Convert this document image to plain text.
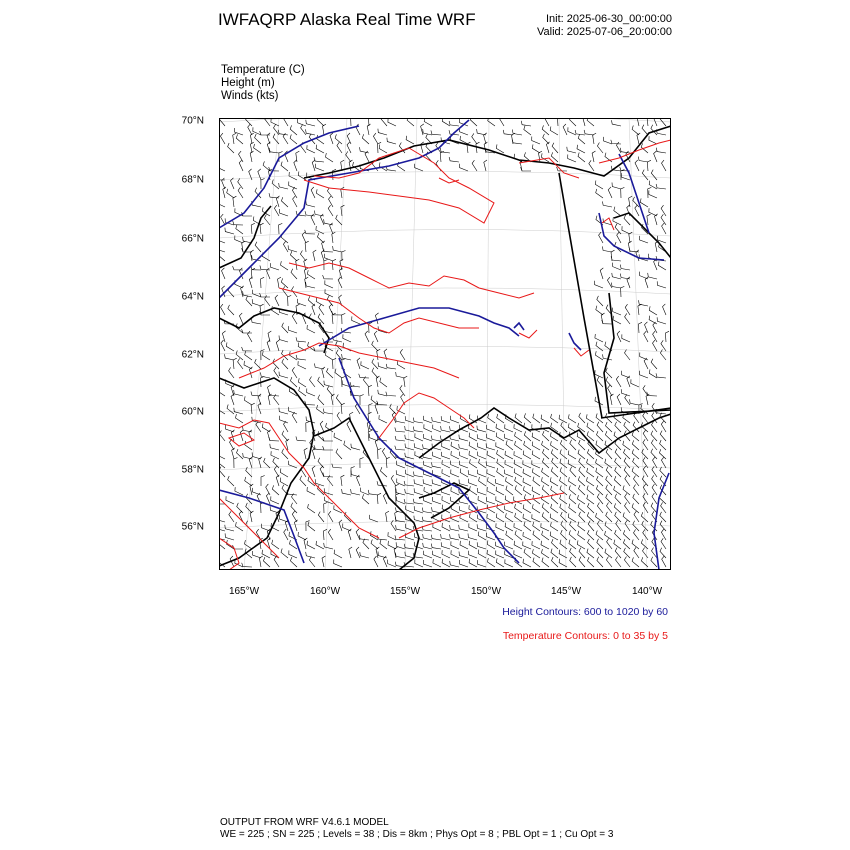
IWFAQRP Alaska Real Time WRF	Init: 2025-06-30_00:00:00
Valid: 2025-07-06_20:00:00
Temperature (C)
Height (m)
Winds (kts)
70°N
68°N
66°N
64°N
62°N
60°N
58°N
56°N
165°W	160°W	155°W	150°W	145°W	140°W
Height Contours: 600 to 1020 by 60
Temperature Contours: 0 to 35 by 5
OUTPUT FROM WRF V4.6.1 MODEL
WE = 225 ; SN = 225 ; Levels = 38 ; Dis = 8km ; Phys Opt = 8 ; PBL Opt = 1 ; Cu Opt = 3
